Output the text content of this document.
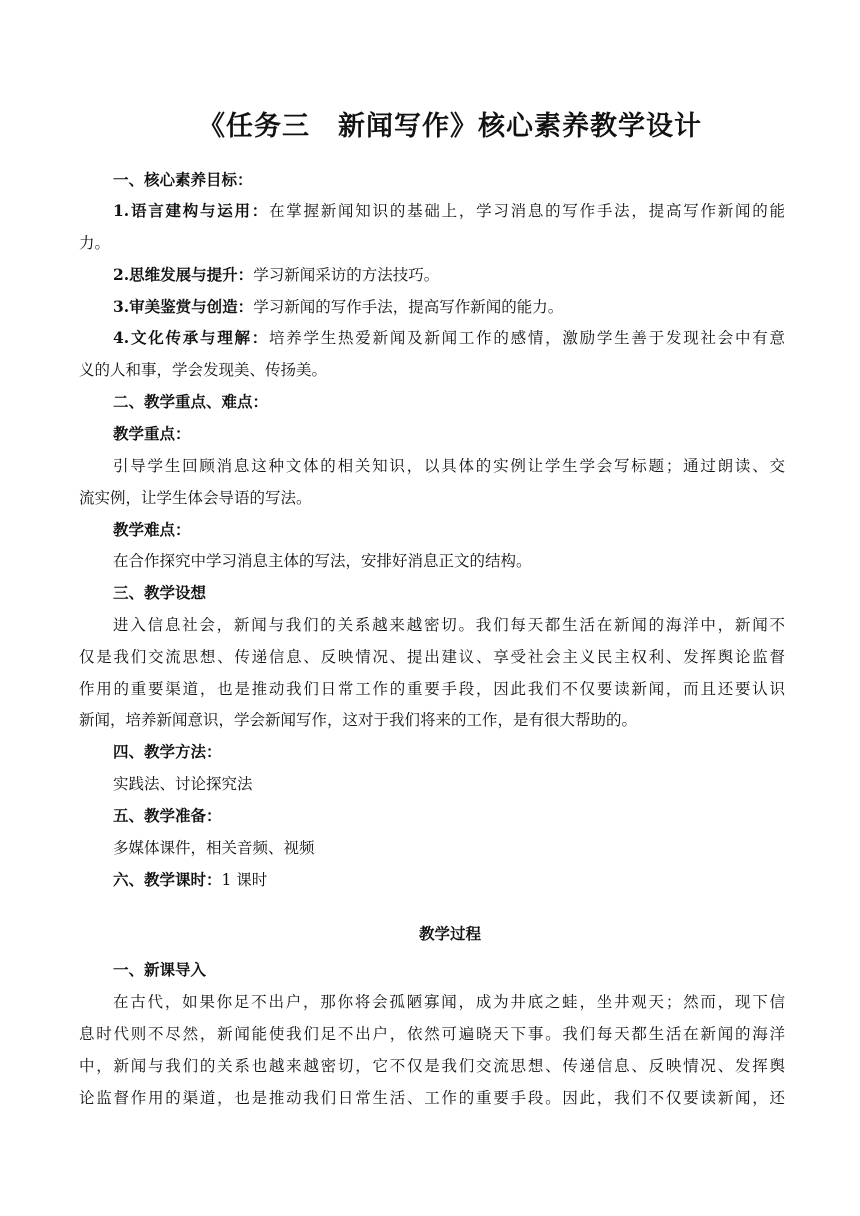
《任务三　新闻写作》核心素养教学设计
一、核心素养目标：
1.语言建构与运用：在掌握新闻知识的基础上，学习消息的写作手法，提高写作新闻的能
力。
2.思维发展与提升：学习新闻采访的方法技巧。
3.审美鉴赏与创造：学习新闻的写作手法，提高写作新闻的能力。
4.文化传承与理解：培养学生热爱新闻及新闻工作的感情，激励学生善于发现社会中有意
义的人和事，学会发现美、传扬美。
二、教学重点、难点：
教学重点：
引导学生回顾消息这种文体的相关知识，以具体的实例让学生学会写标题；通过朗读、交
流实例，让学生体会导语的写法。
教学难点：
在合作探究中学习消息主体的写法，安排好消息正文的结构。
三、教学设想
进入信息社会，新闻与我们的关系越来越密切。我们每天都生活在新闻的海洋中，新闻不
仅是我们交流思想、传递信息、反映情况、提出建议、享受社会主义民主权利、发挥舆论监督
作用的重要渠道，也是推动我们日常工作的重要手段，因此我们不仅要读新闻，而且还要认识
新闻，培养新闻意识，学会新闻写作，这对于我们将来的工作，是有很大帮助的。
四、教学方法：
实践法、讨论探究法
五、教学准备：
多媒体课件，相关音频、视频
六、教学课时：1 课时
教学过程
一、新课导入
在古代，如果你足不出户，那你将会孤陋寡闻，成为井底之蛙，坐井观天；然而，现下信
息时代则不尽然，新闻能使我们足不出户，依然可遍晓天下事。我们每天都生活在新闻的海洋
中，新闻与我们的关系也越来越密切，它不仅是我们交流思想、传递信息、反映情况、发挥舆
论监督作用的渠道，也是推动我们日常生活、工作的重要手段。因此，我们不仅要读新闻，还
